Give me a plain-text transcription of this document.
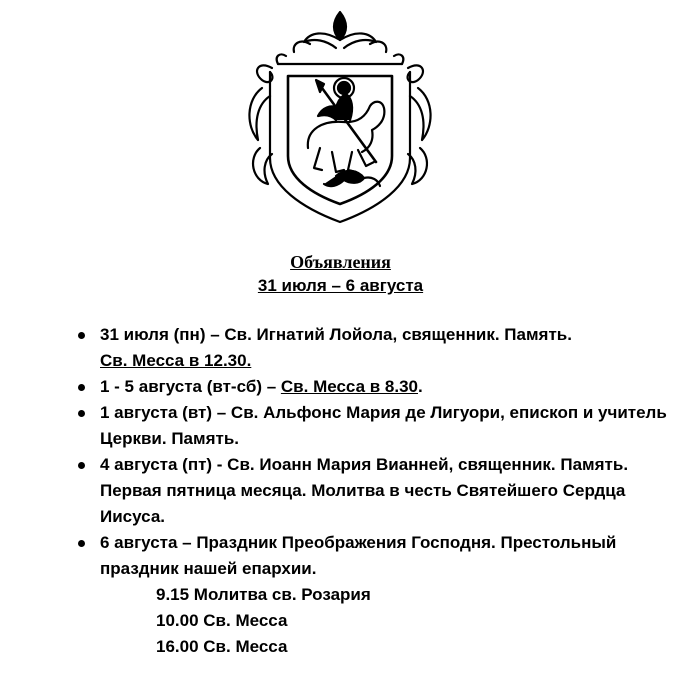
Объявления
31 июля – 6 августа
31 июля (пн) – Св. Игнатий Лойола, священник. Память.
Св. Месса в 12.30.
1 - 5 августа (вт-сб) – Св. Месса в 8.30.
1 августа (вт) – Св. Альфонс Мария де Лигуори, епископ и учитель Церкви. Память.
4 августа (пт) - Св. Иоанн Мария Вианней, священник. Память. Первая пятница месяца. Молитва в честь Святейшего Сердца Иисуса.
6 августа – Праздник Преображения Господня. Престольный праздник нашей епархии.
9.15 Молитва св. Розария
10.00 Св. Месса
16.00 Св. Месса
